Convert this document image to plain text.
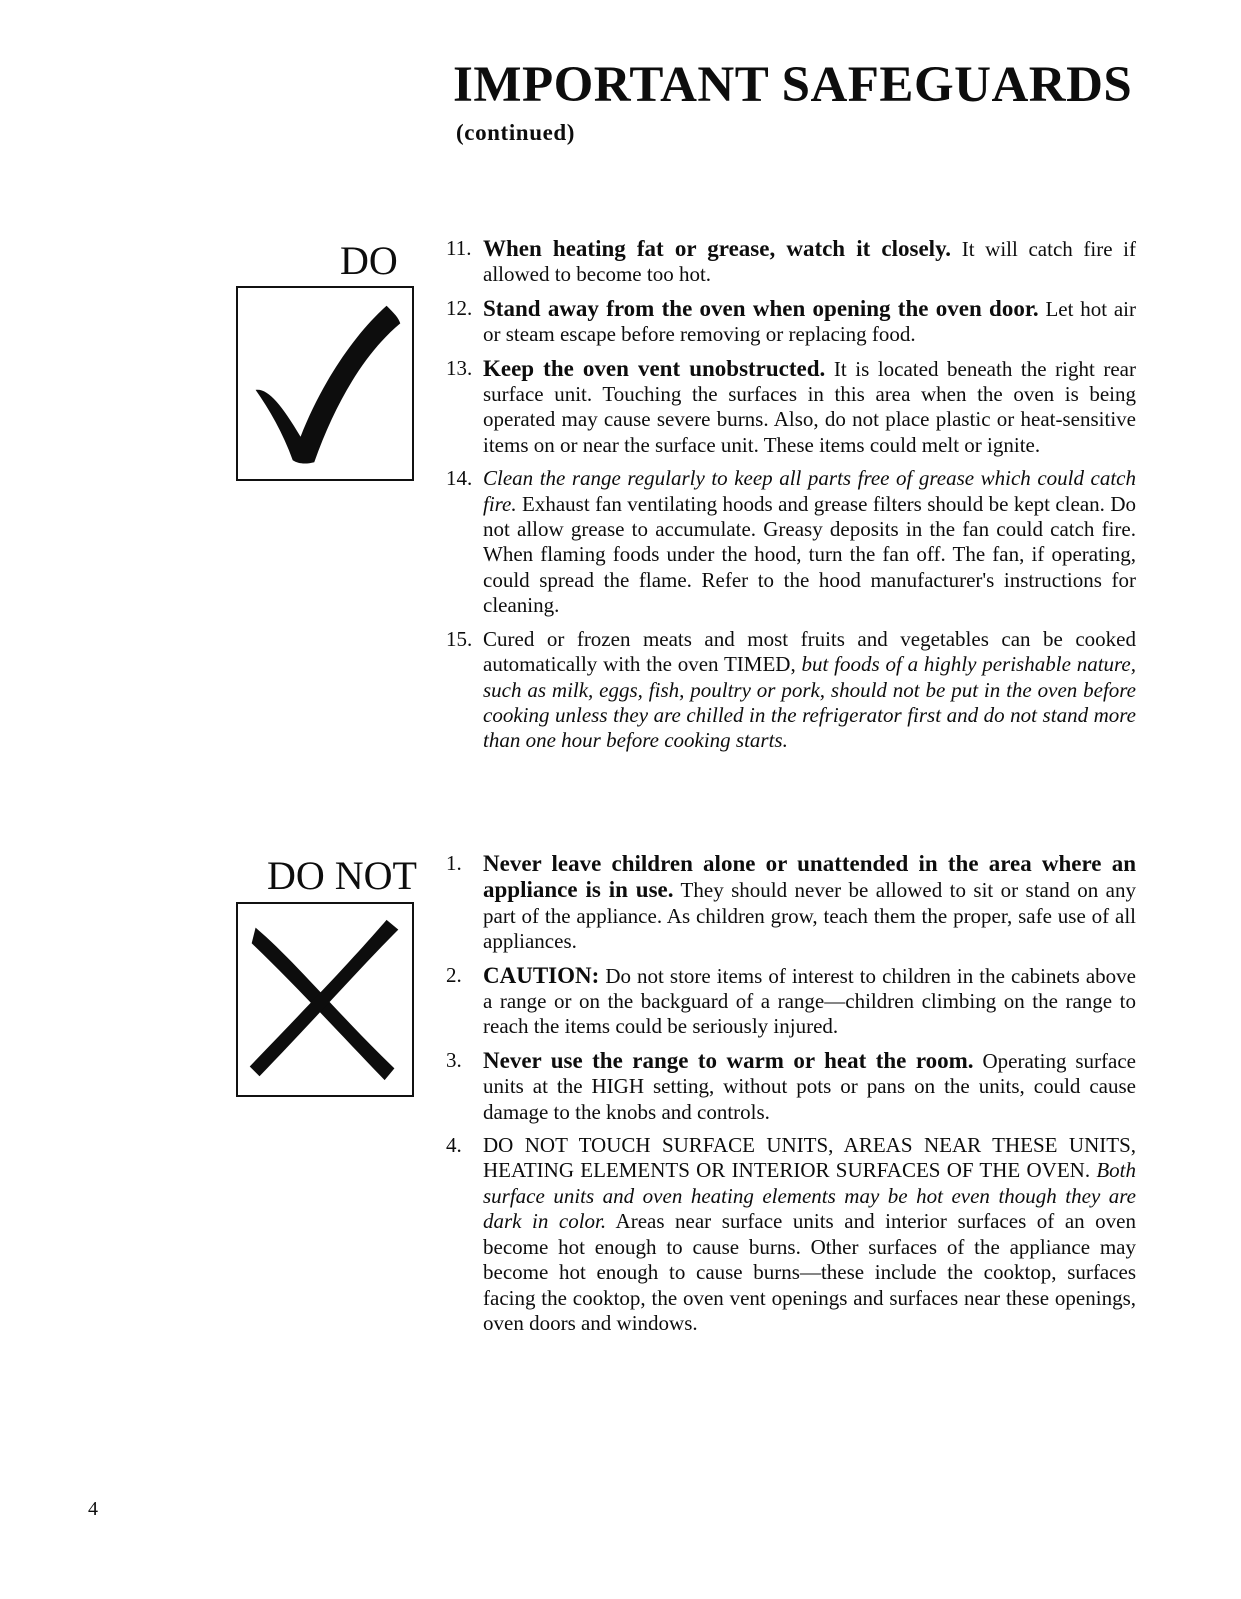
IMPORTANT SAFEGUARDS
(continued)
DO 11. When heating fat or grease, watch it closely. It will catch fire if allowed to become too hot.
12. Stand away from the oven when opening the oven door. Let hot air or steam escape before removing or replacing food.
13. Keep the oven vent unobstructed. It is located beneath the right rear surface unit. Touching the surfaces in this area when the oven is being operated may cause severe burns. Also, do not place plastic or heat-sensitive items on or near the surface unit. These items could melt or ignite.
14. Clean the range regularly to keep all parts free of grease which could catch fire. Exhaust fan ventilating hoods and grease filters should be kept clean. Do not allow grease to accumulate. Greasy deposits in the fan could catch fire. When flaming foods under the hood, turn the fan off. The fan, if operating, could spread the flame. Refer to the hood manufacturer's instructions for cleaning.
15. Cured or frozen meats and most fruits and vegetables can be cooked automatically with the oven TIMED, but foods of a highly perishable nature, such as milk, eggs, fish, poultry or pork, should not be put in the oven before cooking unless they are chilled in the refrigerator first and do not stand more than one hour before cooking starts.
DO NOT 1. Never leave children alone or unattended in the area where an appliance is in use. They should never be allowed to sit or stand on any part of the appliance. As children grow, teach them the proper, safe use of all appliances.
2. CAUTION: Do not store items of interest to children in the cabinets above a range or on the backguard of a range—children climbing on the range to reach the items could be seriously injured.
3. Never use the range to warm or heat the room. Operating surface units at the HIGH setting, without pots or pans on the units, could cause damage to the knobs and controls.
4. DO NOT TOUCH SURFACE UNITS, AREAS NEAR THESE UNITS, HEATING ELEMENTS OR INTERIOR SURFACES OF THE OVEN. Both surface units and oven heating elements may be hot even though they are dark in color. Areas near surface units and interior surfaces of an oven become hot enough to cause burns. Other surfaces of the appliance may become hot enough to cause burns—these include the cooktop, surfaces facing the cooktop, the oven vent openings and surfaces near these openings, oven doors and windows.
4
